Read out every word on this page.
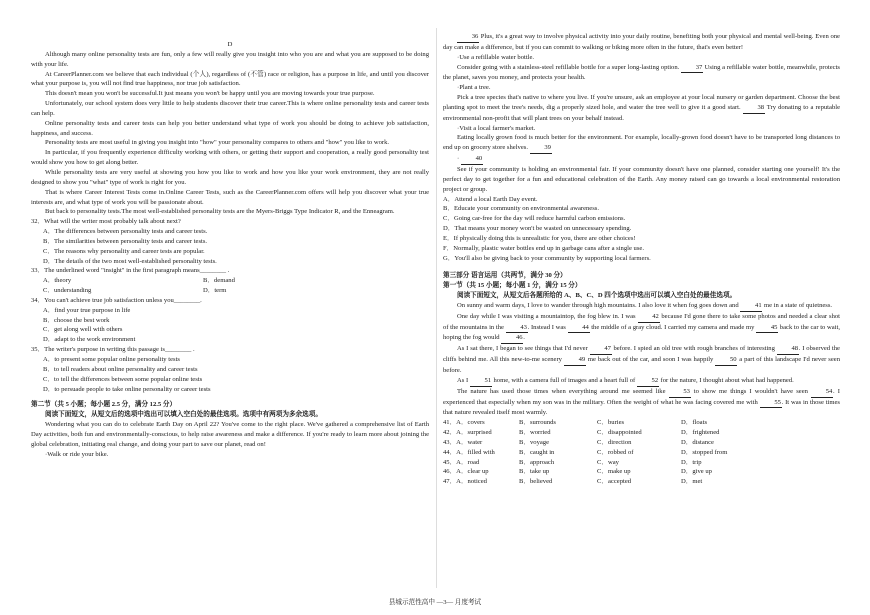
D

Although many online personality tests are fun, only a few will really give you insight into who you are and what you are supposed to be doing with your life.

At CareerPlanner.com we believe that each individual (个人), regardless of (不管) race or religion, has a purpose in life, and until you discover what your purpose is, you will not find true happiness, nor true job satisfaction.

This doesn't mean you won't be successful.It just means you won't be happy until you are moving towards your true purpose.

Unfortunately, our school system does very little to help students discover their true career.This is where online personality tests and career tests can help.

Online personality tests and career tests can help you better understand what type of work you should be doing to achieve job satisfaction, happiness, and success.

Personality tests are most useful in giving you insight into "how" your personality compares to others and "how" you like to work.

In particular, if you frequently experience difficulty working with others, or getting their support and cooperation, a really good personality test would show you how to get along better.

While personality tests are very useful at showing you how you like to work and how you like your work environment, they are not really designed to show you "what" type of work is right for you.

That is where Career Interest Tests come in.Online Career Tests, such as the CareerPlanner.com offers will help you discover what your true interests are, and what type of work you will be passionate about.

But back to personality tests.The most well-established personality tests are the Myers-Briggs Type Indicator R, and the Enneagram.

32．What will the writer most probably talk about next?

A．The differences between personality tests and career tests.

B．The similarities between personality tests and career tests.

C．The reasons why personality and career tests are popular.

D．The details of the two most well-established personality tests.

33．The underlined word "insight" in the first paragraph means________ .

A．theory	B．demand

C．understanding	D．term

34．You can't achieve true job satisfaction unless you________.

A．find your true purpose in life

B．choose the best work

C．get along well with others

D．adapt to the work environment

35．The writer's purpose in writing this passage is________ .

A．to present some popular online personality tests

B．to tell readers about online personality and career tests

C．to tell the differences between some popular online tests

D．to persuade people to take online personality or career tests

第二节（共 5 小题；每小题 2.5 分，满分 12.5 分）

阅读下面短文，从短文后的选项中选出可以填入空白处的最佳选项。选项中有两项为多余选项。

Wondering what you can do to celebrate Earth Day on April 22? You've come to the right place. We've gathered a comprehensive list of Earth Day activities, both fun and environmentally-conscious, to help raise awareness and make a difference. If you're ready to learn more about joining the global celebration, initiating real change, and doing your part to save our planet, read on!

·Walk or ride your bike.

36 Plus, it's a great way to involve physical activity into your daily routine, benefiting both your physical and mental well-being. Even one day can make a difference, but if you can commit to walking or biking more often in the future, that's even better!

·Use a refillable water bottle.

Consider going with a stainless-steel refillable bottle for a super long-lasting option. 37 Using a refillable water bottle, meanwhile, protects the planet, saves you money, and protects your health.

·Plant a tree.

Pick a tree species that's native to where you live. If you're unsure, ask an employee at your local nursery or garden department. Choose the best planting spot to meet the tree's needs, dig a properly sized hole, and water the tree well to give it a good start.	38 Try donating to a reputable environmental non-profit that will plant trees on your behalf instead.

·Visit a local farmer's market.

Eating locally grown food is much better for the environment. For example, locally-grown food doesn't have to be transported long distances to end up on grocery store shelves. 39

· 40

See if your community is holding an environmental fair. If your community doesn't have one planned, consider starting one yourself! It's the perfect day to get together for a fun and educational celebration of the Earth. Any money raised can go towards a local environmental restoration project or group.

A．Attend a local Earth Day event.

B．Educate your community on environmental awareness.

C．Going car-free for the day will reduce harmful carbon emissions.

D．That means your money won't be wasted on unnecessary spending.

E．If physically doing this is unrealistic for you, there are other choices!

F．Normally, plastic water bottles end up in garbage cans after a single use.

G．You'll also be giving back to your community by supporting local farmers.

第三部分 语言运用（共两节，满分 30 分）

第一节（共 15 小题；每小题 1 分，满分 15 分）

阅读下面短文，从短文后各题所给的 A、B、C、D 四个选项中选出可以填入空白处的最佳选项。

On sunny and warm days, I love to wander through high mountains. I also love it when fog goes down and 41 me in a state of quietness.

One day while I was visiting a mountaintop, the fog blew in. I was 42 because I'd gone there to take some photos and needed a clear shot of the mountains in the 43. Instead I was 44 the middle of a gray cloud. I carried my camera and made my 45 back to the car to wait, hoping the fog would 46.

As I sat there, I began to see things that I'd never 47 before. I spied an old tree with rough branches of interesting 48. I observed the cliffs behind me. All this new-to-me scenery 49 me back out of the car, and soon I was happily 50 a part of this landscape I'd never seen before.

As I 51 home, with a camera full of images and a heart full of 52 for the nature, I thought about what had happened.

The nature has used those times when everything around me seemed like 53 to show me things I wouldn't have seen 54. I experienced that especially when my son was in the military. Often the weight of what he was facing covered me with 55. It was in those times that nature revealed itself most warmly.

41．A．covers	B．surrounds	C．buries	D．floats
42．A．surprised	B．worried	C．disappointed	D．frightened
43．A．water	B．voyage	C．direction	D．distance
44．A．filled with	B．caught in	C．robbed of	D．stopped from
45．A．road	B．approach	C．way	D．trip
46．A．clear up	B．take up	C．make up	D．give up
47．A．noticed	B．believed	C．accepted	D．met
县城示范性高中 —3— 月度考试
